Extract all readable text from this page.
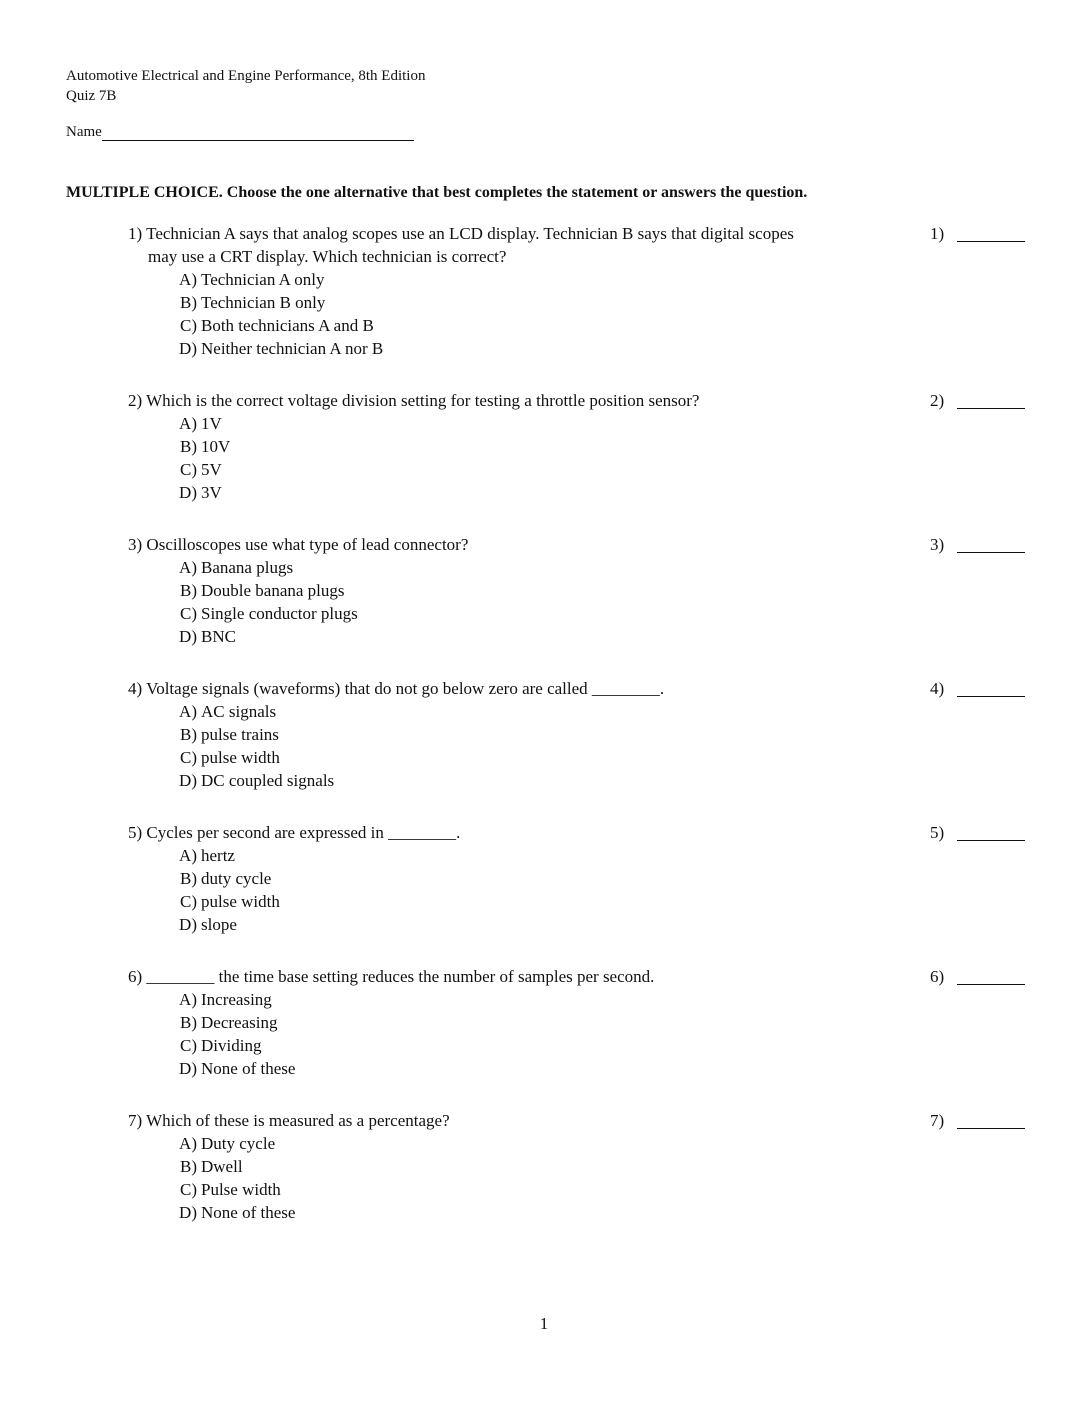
Automotive Electrical and Engine Performance, 8th Edition
Quiz 7B
Name
MULTIPLE CHOICE. Choose the one alternative that best completes the statement or answers the question.
1) Technician A says that analog scopes use an LCD display. Technician B says that digital scopes
may use a CRT display. Which technician is correct?
A) Technician A only
B) Technician B only
C) Both technicians A and B
D) Neither technician A nor B
1)
2) Which is the correct voltage division setting for testing a throttle position sensor?
A) 1V
B) 10V
C) 5V
D) 3V
2)
3) Oscilloscopes use what type of lead connector?
A) Banana plugs
B) Double banana plugs
C) Single conductor plugs
D) BNC
3)
4) Voltage signals (waveforms) that do not go below zero are called ________.
A) AC signals
B) pulse trains
C) pulse width
D) DC coupled signals
4)
5) Cycles per second are expressed in ________.
A) hertz
B) duty cycle
C) pulse width
D) slope
5)
6) ________ the time base setting reduces the number of samples per second.
A) Increasing
B) Decreasing
C) Dividing
D) None of these
6)
7) Which of these is measured as a percentage?
A) Duty cycle
B) Dwell
C) Pulse width
D) None of these
7)
1
